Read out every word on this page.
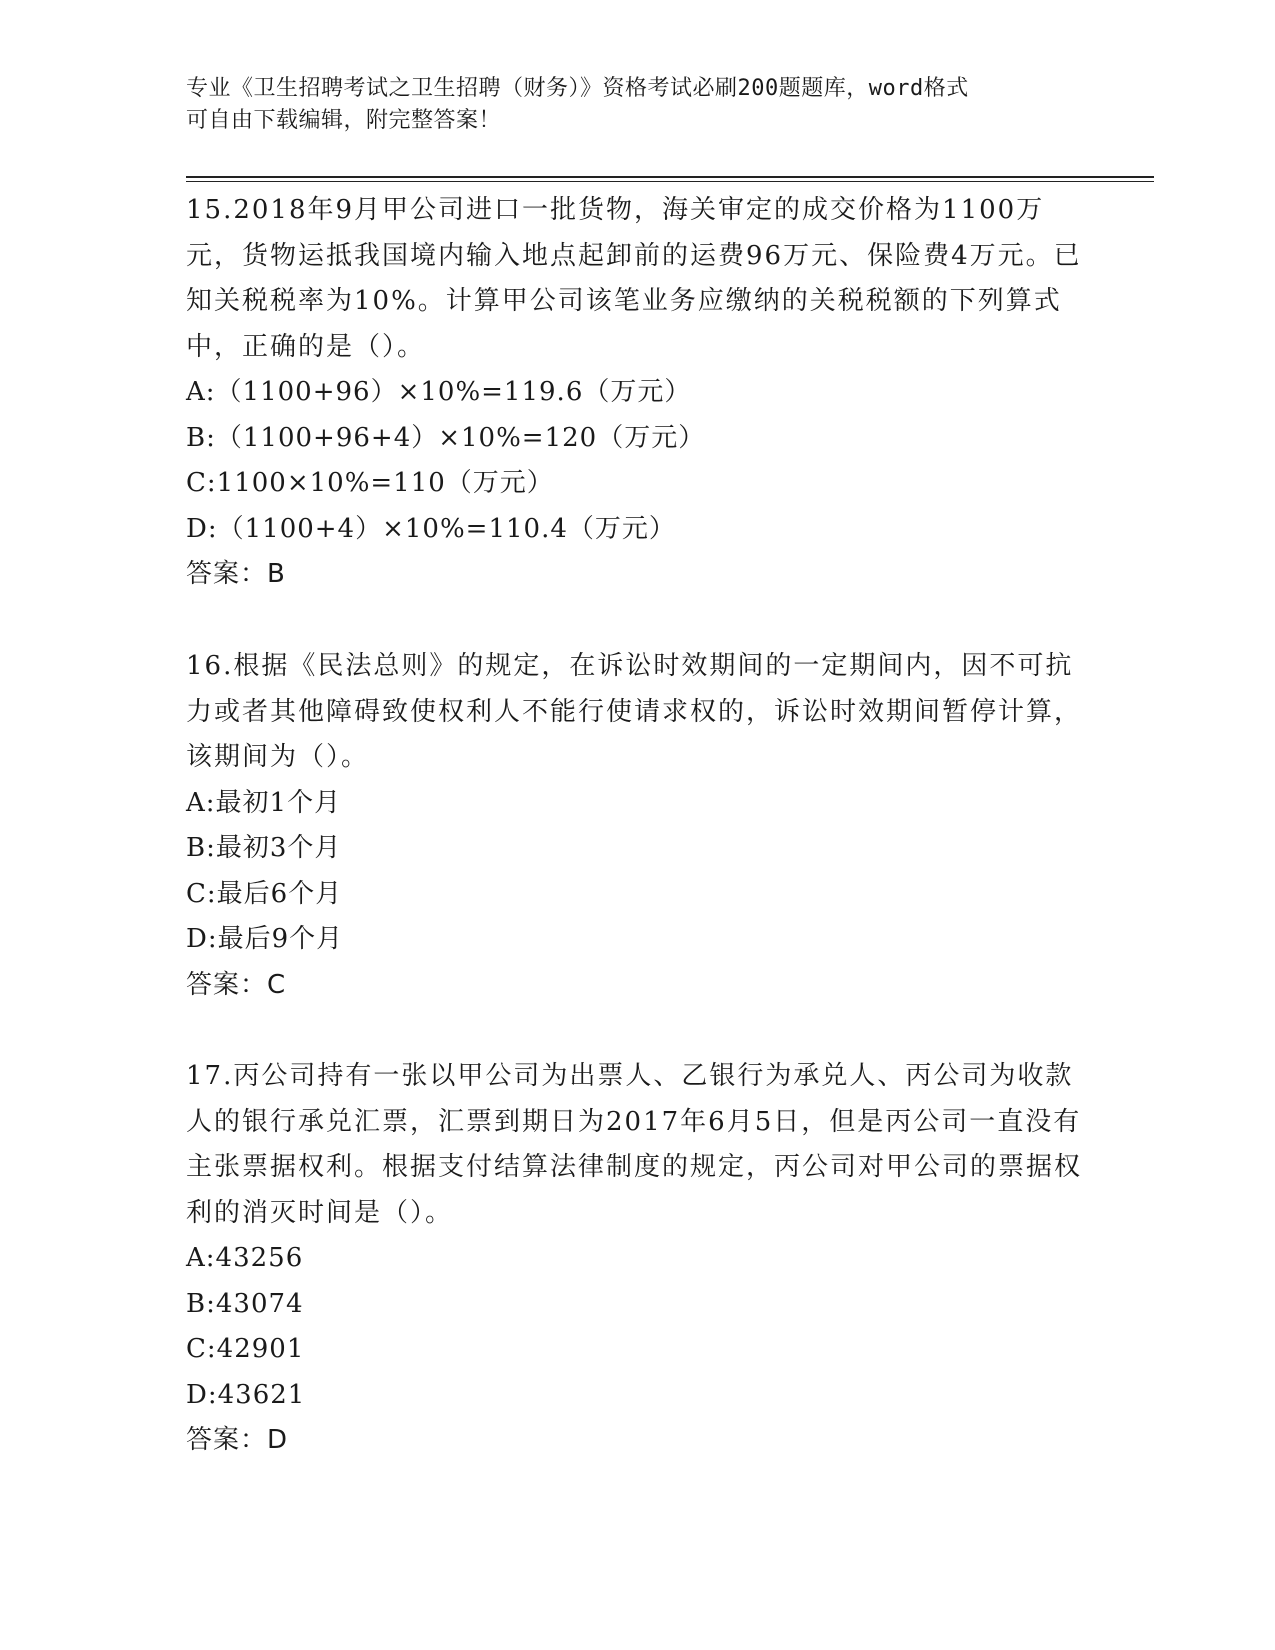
专业《卫生招聘考试之卫生招聘（财务）》资格考试必刷200题题库，word格式
可自由下载编辑，附完整答案！

15.2018年9月甲公司进口一批货物，海关审定的成交价格为1100万元，货物运抵我国境内输入地点起卸前的运费96万元、保险费4万元。已知关税税率为10%。计算甲公司该笔业务应缴纳的关税税额的下列算式中，正确的是（）。

A:（1100+96）×10%=119.6（万元）

B:（1100+96+4）×10%=120（万元）

C:1100×10%=110（万元）

D:（1100+4）×10%=110.4（万元）

答案：B

16.根据《民法总则》的规定，在诉讼时效期间的一定期间内，因不可抗力或者其他障碍致使权利人不能行使请求权的，诉讼时效期间暂停计算，该期间为（）。

A:最初1个月

B:最初3个月

C:最后6个月

D:最后9个月

答案：C

17.丙公司持有一张以甲公司为出票人、乙银行为承兑人、丙公司为收款人的银行承兑汇票，汇票到期日为2017年6月5日，但是丙公司一直没有主张票据权利。根据支付结算法律制度的规定，丙公司对甲公司的票据权利的消灭时间是（）。

A:43256

B:43074

C:42901

D:43621

答案：D
